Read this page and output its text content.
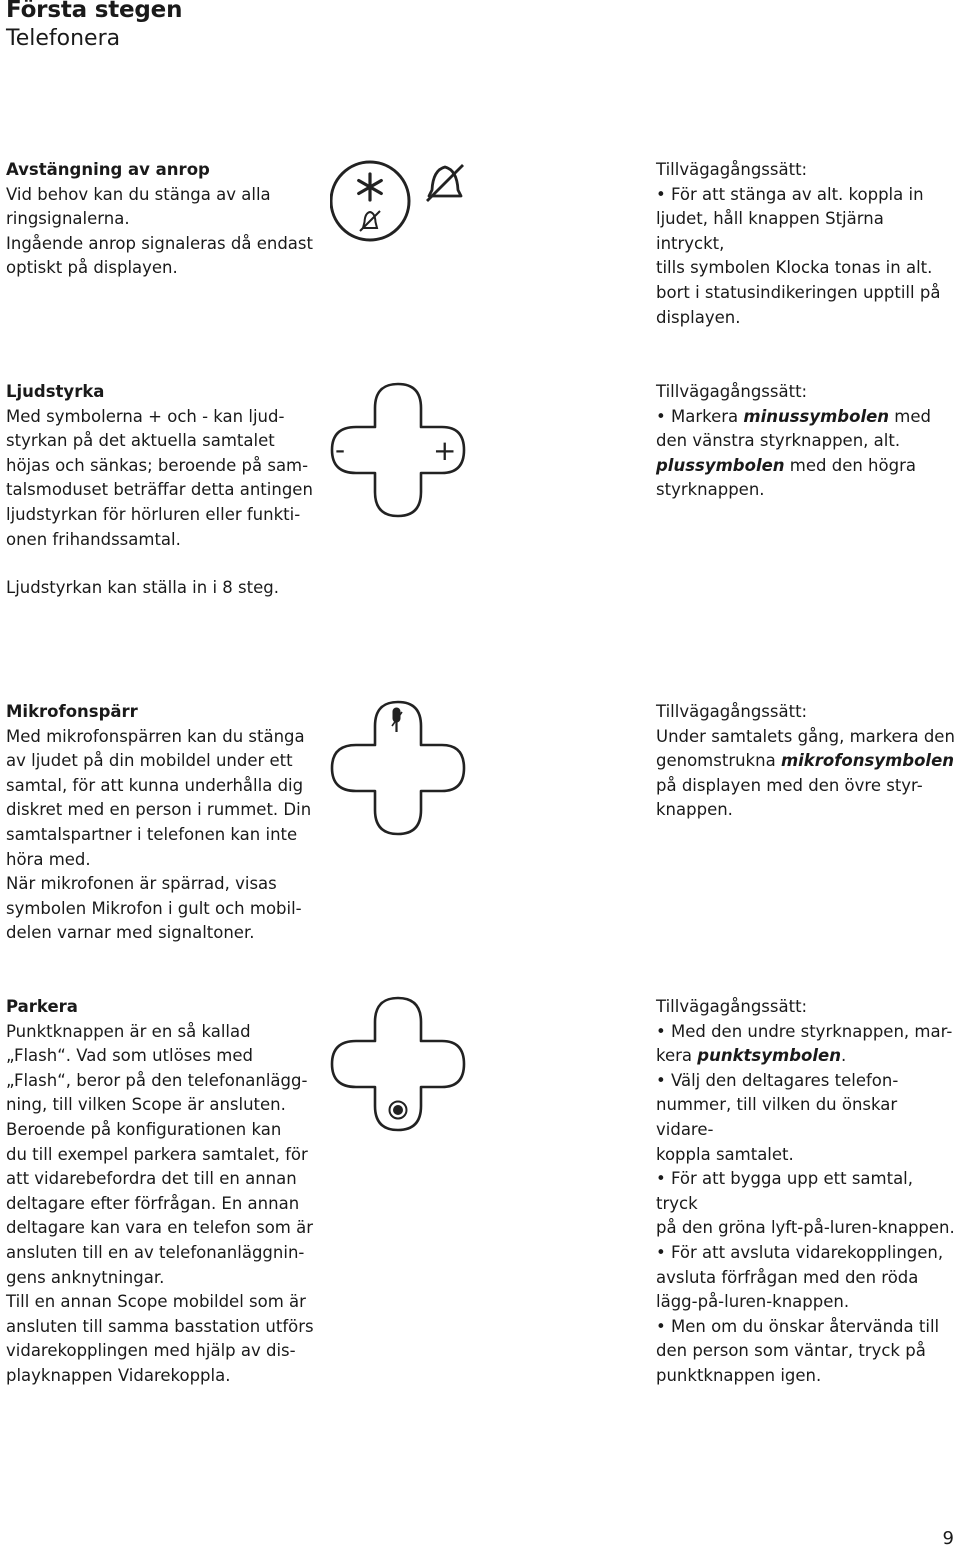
Första stegen
Telefonera
Avstängning av anrop
Vid behov kan du stänga av alla
ringsignalerna.
Ingående anrop signaleras då endast
optiskt på displayen.
Tillvägagångssätt:
• För att stänga av alt. koppla in
ljudet, håll knappen Stjärna intryckt,
tills symbolen Klocka tonas in alt.
bort i statusindikeringen upptill på
displayen.
Ljudstyrka
Med symbolerna + och - kan ljud-
styrkan på det aktuella samtalet
höjas och sänkas; beroende på sam-
talsmoduset beträffar detta antingen
ljudstyrkan för hörluren eller funkti-
onen frihandssamtal.
Ljudstyrkan kan ställa in i 8 steg.
-	+
Tillvägagångssätt:
• Markera minussymbolen med
den vänstra styrknappen, alt.
plussymbolen med den högra
styrknappen.
Mikrofonspärr
Med mikrofonspärren kan du stänga
av ljudet på din mobildel under ett
samtal, för att kunna underhålla dig
diskret med en person i rummet. Din
samtalspartner i telefonen kan inte
höra med.
När mikrofonen är spärrad, visas
symbolen Mikrofon i gult och mobil-
delen varnar med signaltoner.
Tillvägagångssätt:
Under samtalets gång, markera den
genomstrukna mikrofonsymbolen
på displayen med den övre styr-
knappen.
Parkera
Punktknappen är en så kallad
„Flash“. Vad som utlöses med
„Flash“, beror på den telefonanlägg-
ning, till vilken Scope är ansluten.
Beroende på konfigurationen kan
du till exempel parkera samtalet, för
att vidarebefordra det till en annan
deltagare efter förfrågan. En annan
deltagare kan vara en telefon som är
ansluten till en av telefonanläggnin-
gens anknytningar.
Till en annan Scope mobildel som är
ansluten till samma basstation utförs
vidarekopplingen med hjälp av dis-
playknappen Vidarekoppla.
Tillvägagångssätt:
• Med den undre styrknappen, mar-
kera punktsymbolen.
• Välj den deltagares telefon-
nummer, till vilken du önskar vidare-
koppla samtalet.
• För att bygga upp ett samtal, tryck
på den gröna lyft-på-luren-knappen.
• För att avsluta vidarekopplingen,
avsluta förfrågan med den röda
lägg-på-luren-knappen.
• Men om du önskar återvända till
den person som väntar, tryck på
punktknappen igen.
9
